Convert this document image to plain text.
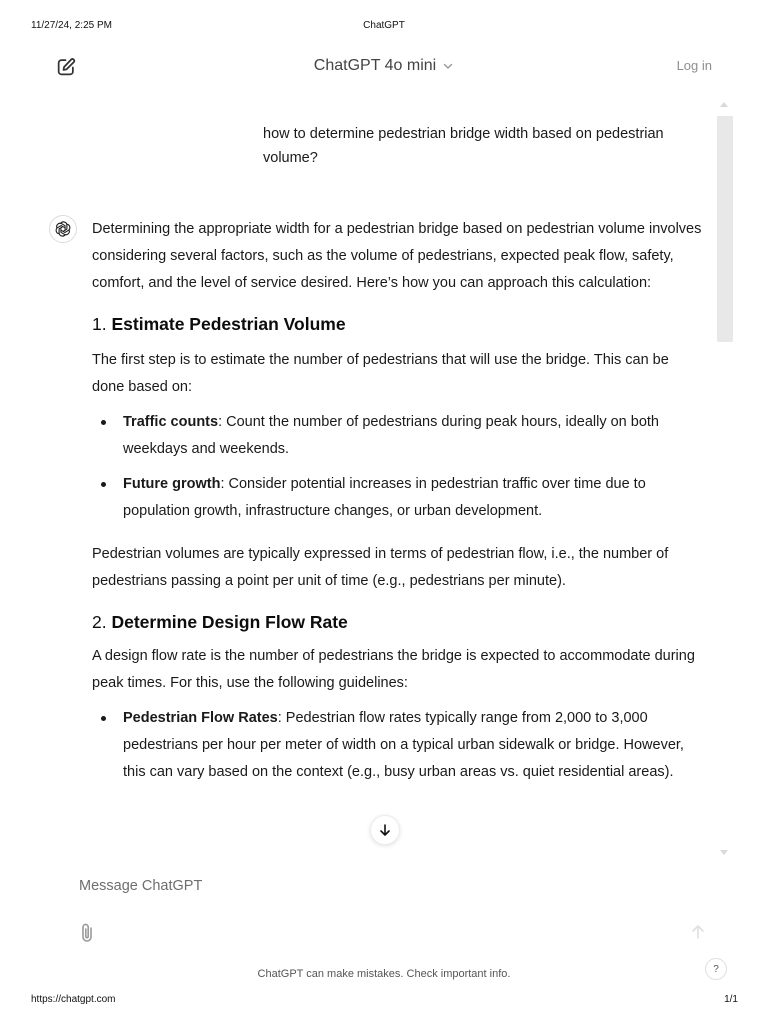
11/27/24, 2:25 PM	ChatGPT
ChatGPT 4o mini	Log in
how to determine pedestrian bridge width based on pedestrian volume?

Determining the appropriate width for a pedestrian bridge based on pedestrian volume involves considering several factors, such as the volume of pedestrians, expected peak flow, safety, comfort, and the level of service desired. Here’s how you can approach this calculation:

1. Estimate Pedestrian Volume

The first step is to estimate the number of pedestrians that will use the bridge. This can be done based on:

Traffic counts: Count the number of pedestrians during peak hours, ideally on both weekdays and weekends.
Future growth: Consider potential increases in pedestrian traffic over time due to population growth, infrastructure changes, or urban development.

Pedestrian volumes are typically expressed in terms of pedestrian flow, i.e., the number of pedestrians passing a point per unit of time (e.g., pedestrians per minute).

2. Determine Design Flow Rate

A design flow rate is the number of pedestrians the bridge is expected to accommodate during peak times. For this, use the following guidelines:

Pedestrian Flow Rates: Pedestrian flow rates typically range from 2,000 to 3,000 pedestrians per hour per meter of width on a typical urban sidewalk or bridge. However, this can vary based on the context (e.g., busy urban areas vs. quiet residential areas).
Message ChatGPT
ChatGPT can make mistakes. Check important info.	?
https://chatgpt.com	1/1
